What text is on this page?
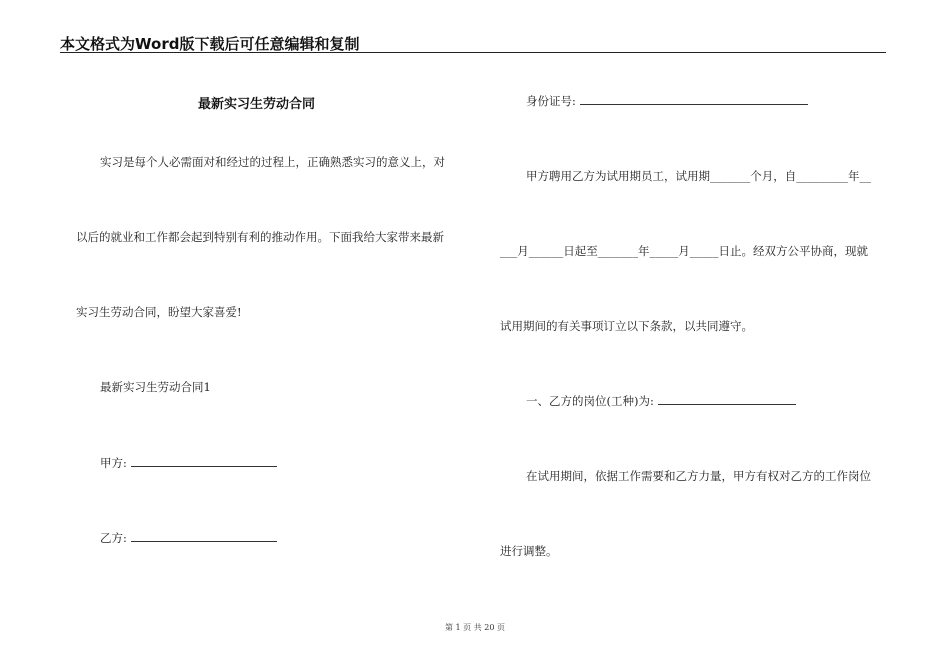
本文格式为Word版下载后可任意编辑和复制
最新实习生劳动合同
实习是每个人必需面对和经过的过程上，正确熟悉实习的意义上，对
以后的就业和工作都会起到特别有利的推动作用。下面我给大家带来最新
实习生劳动合同，盼望大家喜爱!
最新实习生劳动合同1
甲方:
乙方:
身份证号:
甲方聘用乙方为试用期员工，试用期_______个月，自_________年__
___月______日起至_______年_____月_____日止。经双方公平协商，现就
试用期间的有关事项订立以下条款，以共同遵守。
一、乙方的岗位(工种)为:
在试用期间，依据工作需要和乙方力量，甲方有权对乙方的工作岗位
进行调整。
第 1 页 共 20 页
